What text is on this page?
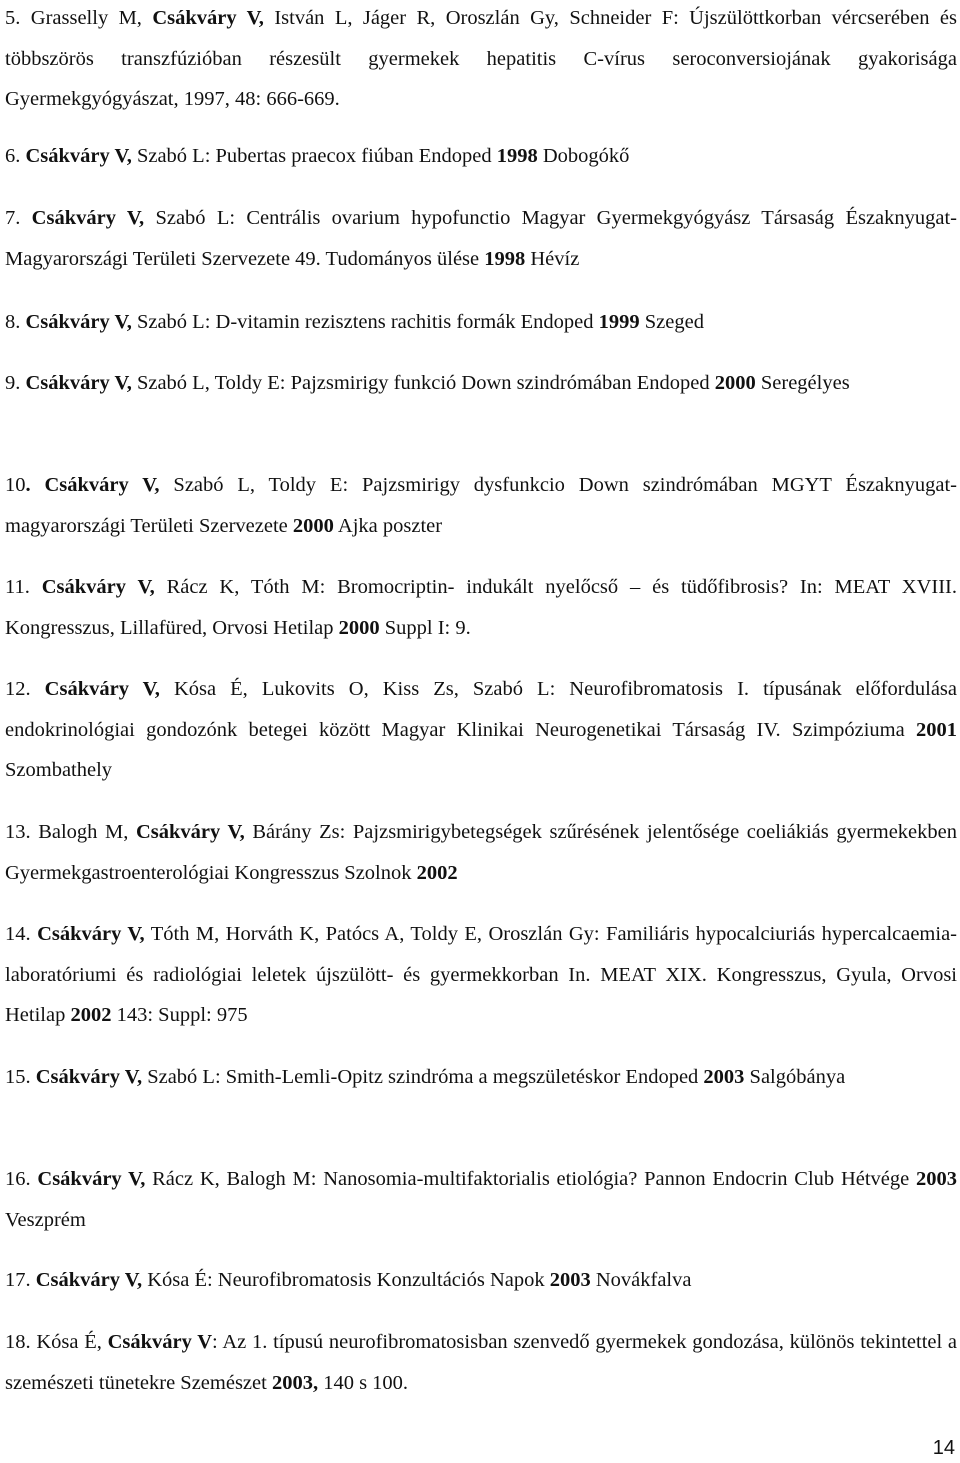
5. Grasselly M, Csákváry V, István L, Jáger R, Oroszlán Gy, Schneider F: Újszülöttkorban vércserében és többszörös transzfúzióban részesült gyermekek hepatitis C-vírus seroconversiojának gyakorisága Gyermekgyógyászat, 1997, 48: 666-669.

6. Csákváry V, Szabó L: Pubertas praecox fiúban Endoped 1998 Dobogókő

7. Csákváry V, Szabó L: Centrális ovarium hypofunctio Magyar Gyermekgyógyász Társaság Északnyugat-Magyarországi Területi Szervezete 49. Tudományos ülése 1998 Hévíz

8. Csákváry V, Szabó L: D-vitamin rezisztens rachitis formák Endoped 1999 Szeged

9. Csákváry V, Szabó L, Toldy E: Pajzsmirigy funkció Down szindrómában Endoped 2000 Seregélyes

10. Csákváry V, Szabó L, Toldy E: Pajzsmirigy dysfunkcio Down szindrómában MGYT Északnyugat-magyarországi Területi Szervezete 2000 Ajka poszter

11. Csákváry V, Rácz K, Tóth M: Bromocriptin- indukált nyelőcső – és tüdőfibrosis? In: MEAT XVIII. Kongresszus, Lillafüred, Orvosi Hetilap 2000 Suppl I: 9.

12. Csákváry V, Kósa É, Lukovits O, Kiss Zs, Szabó L: Neurofibromatosis I. típusának előfordulása endokrinológiai gondozónk betegei között Magyar Klinikai Neurogenetikai Társaság IV. Szimpóziuma 2001 Szombathely

13. Balogh M, Csákváry V, Bárány Zs: Pajzsmirigybetegségek szűrésének jelentősége coeliákiás gyermekekben Gyermekgastroenterológiai Kongresszus Szolnok 2002

14. Csákváry V, Tóth M, Horváth K, Patócs A, Toldy E, Oroszlán Gy: Familiáris hypocalciuriás hypercalcaemia- laboratóriumi és radiológiai leletek újszülött- és gyermekkorban In. MEAT XIX. Kongresszus, Gyula, Orvosi Hetilap 2002 143: Suppl: 975

15. Csákváry V, Szabó L: Smith-Lemli-Opitz szindróma a megszületéskor Endoped 2003 Salgóbánya

16. Csákváry V, Rácz K, Balogh M: Nanosomia-multifaktorialis etiológia? Pannon Endocrin Club Hétvége 2003 Veszprém

17. Csákváry V, Kósa É: Neurofibromatosis Konzultációs Napok 2003 Novákfalva

18. Kósa É, Csákváry V: Az 1. típusú neurofibromatosisban szenvedő gyermekek gondozása, különös tekintettel a szemészeti tünetekre Szemészet 2003, 140 s 100.

14
